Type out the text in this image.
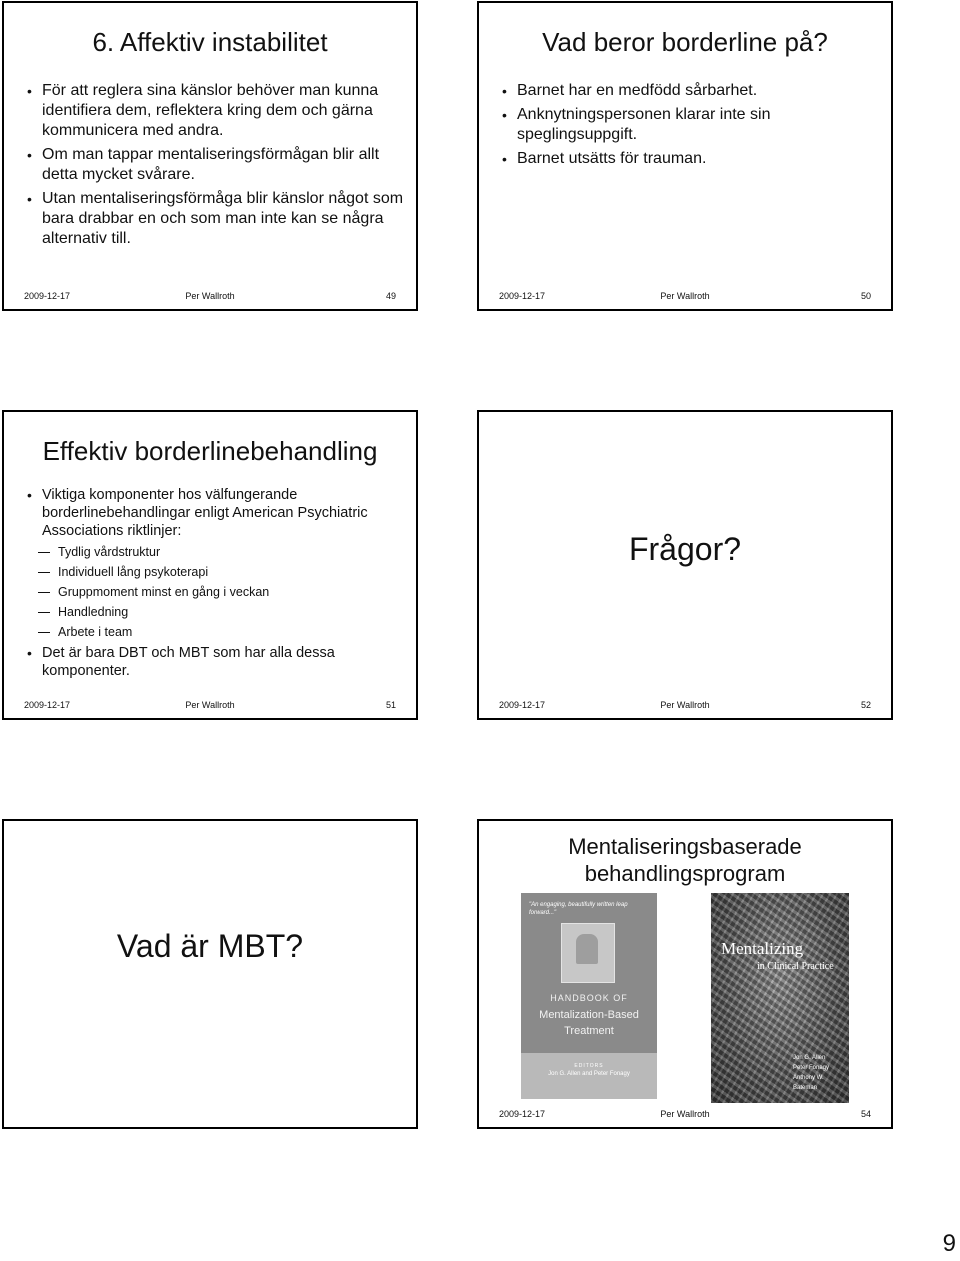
6. Affektiv instabilitet
• För att reglera sina känslor behöver man kunna identifiera dem, reflektera kring dem och gärna kommunicera med andra.
• Om man tappar mentaliseringsförmågan blir allt detta mycket svårare.
• Utan mentaliseringsförmåga blir känslor något som bara drabbar en och som man inte kan se några alternativ till.
2009-12-17	Per Wallroth	49
Vad beror borderline på?
• Barnet har en medfödd sårbarhet.
• Anknytningspersonen klarar inte sin speglingsuppgift.
• Barnet utsätts för trauman.
2009-12-17	Per Wallroth	50
Effektiv borderlinebehandling
• Viktiga komponenter hos välfungerande borderlinebehandlingar enligt American Psychiatric Associations riktlinjer:
Tydlig vårdstruktur
Individuell lång psykoterapi
Gruppmoment minst en gång i veckan
Handledning
Arbete i team
• Det är bara DBT och MBT som har alla dessa komponenter.
2009-12-17	Per Wallroth	51
Frågor?
2009-12-17	Per Wallroth	52
Vad är MBT?
Mentaliseringsbaserade behandlingsprogram
"An engaging, beautifully written leap forward..."
HANDBOOK OF
Mentalization-Based Treatment
EDITORS
Jon G. Allen and Peter Fonagy
Mentalizing
in Clinical Practice
Jon G. Allen
Peter Fonagy
Anthony W. Bateman
2009-12-17	Per Wallroth	54
9
